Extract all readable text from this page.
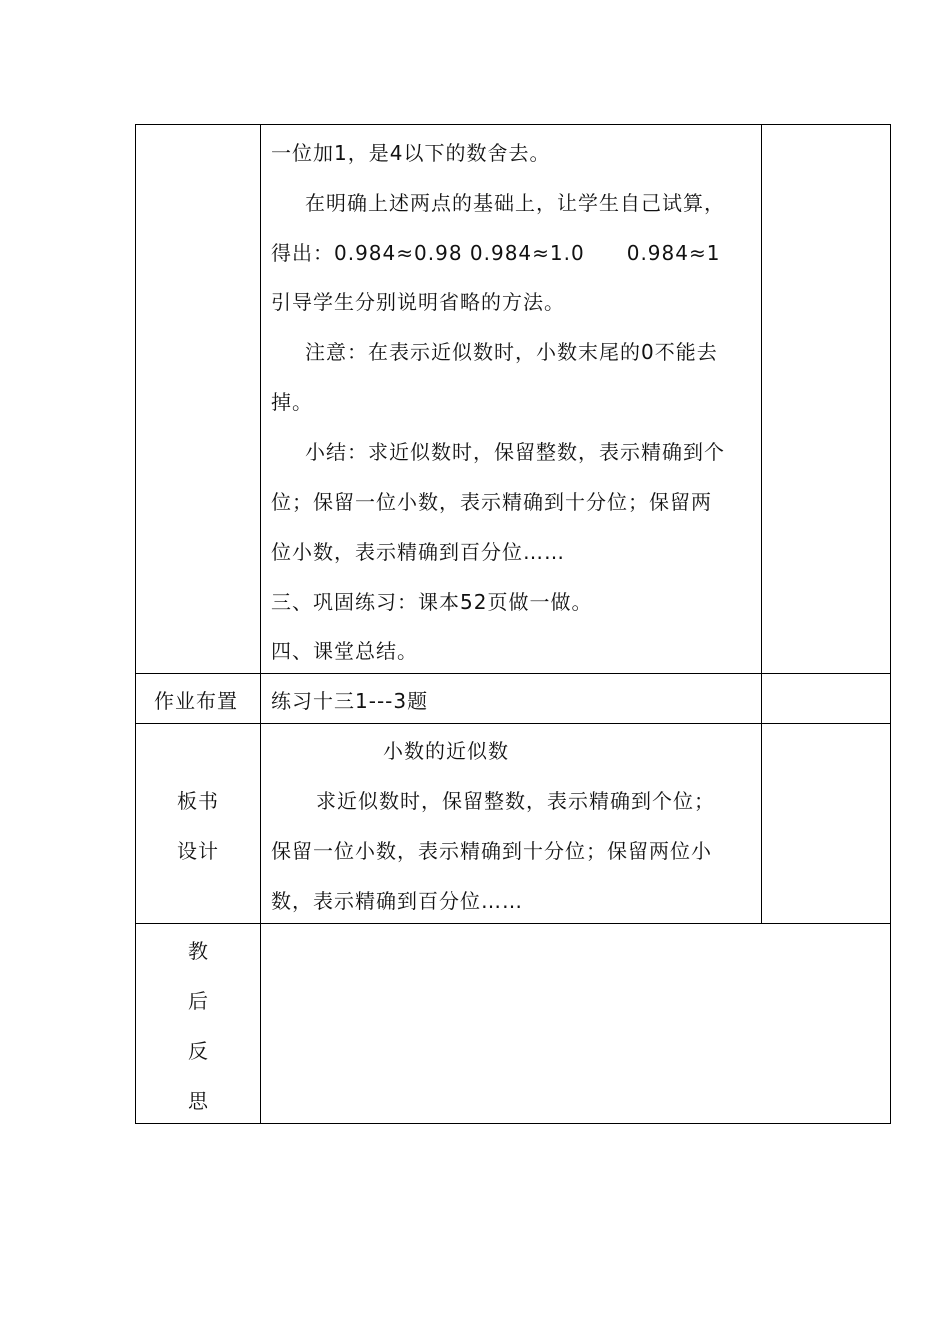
一位加1，是4以下的数舍去。
在明确上述两点的基础上，让学生自己试算，
得出：0.984≈0.98 0.984≈1.0　　0.984≈1
引导学生分别说明省略的方法。
注意：在表示近似数时，小数末尾的0不能去
掉。
小结：求近似数时，保留整数，表示精确到个
位；保留一位小数，表示精确到十分位；保留两
位小数，表示精确到百分位……
三、巩固练习：课本52页做一做。
四、课堂总结。
作业布置 练习十三1---3题
板书
设计
小数的近似数
求近似数时，保留整数，表示精确到个位；
保留一位小数，表示精确到十分位；保留两位小
数，表示精确到百分位……
教
后
反
思
